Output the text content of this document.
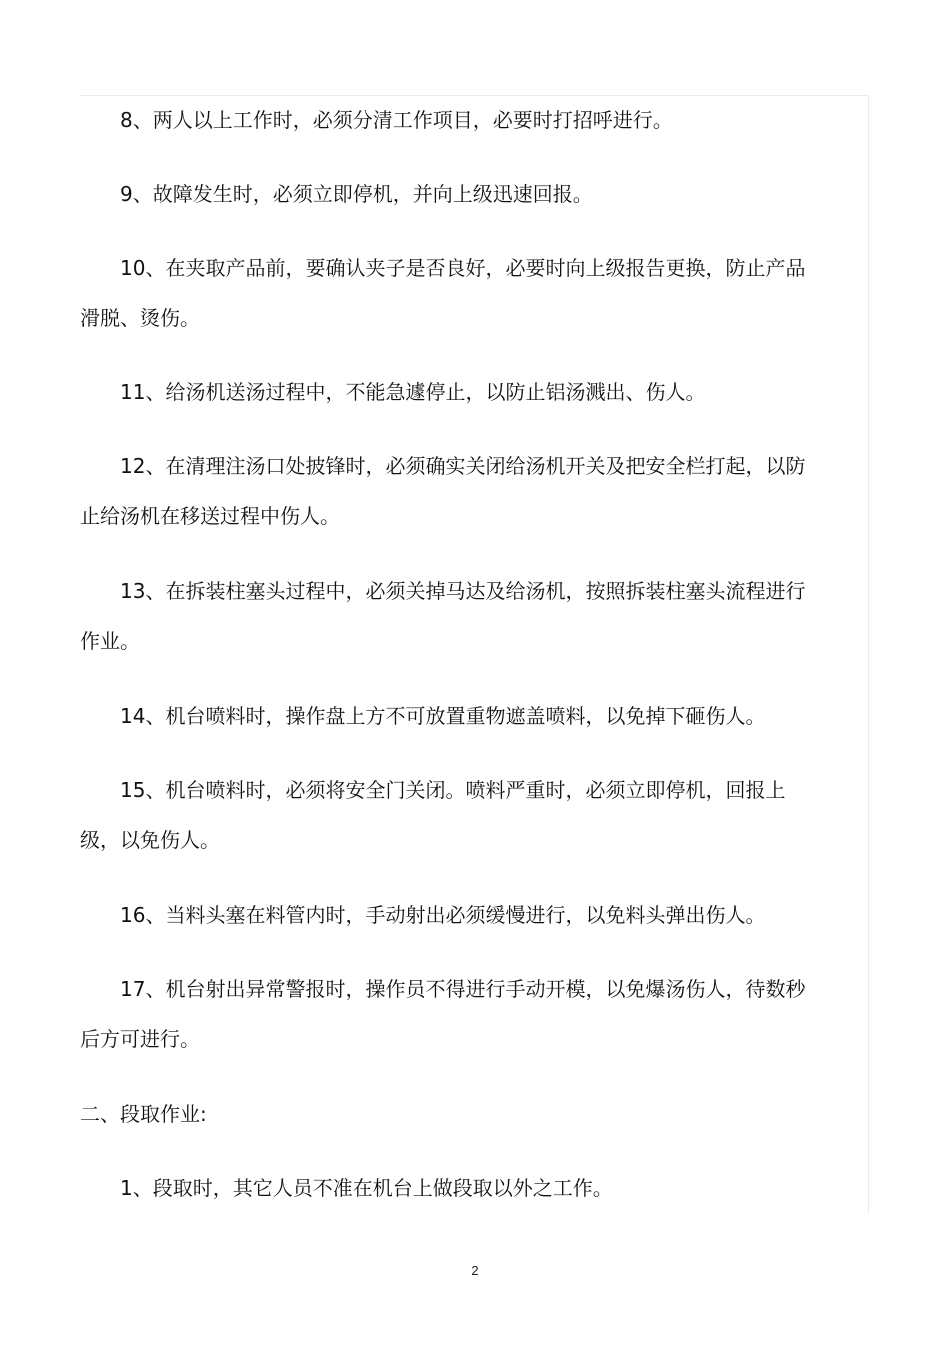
8、两人以上工作时，必须分清工作项目，必要时打招呼进行。

9、故障发生时，必须立即停机，并向上级迅速回报。

10、在夹取产品前，要确认夹子是否良好，必要时向上级报告更换，防止产品滑脱、烫伤。

11、给汤机送汤过程中，不能急遽停止，以防止铝汤溅出、伤人。

12、在清理注汤口处披锋时，必须确实关闭给汤机开关及把安全栏打起，以防止给汤机在移送过程中伤人。

13、在拆装柱塞头过程中，必须关掉马达及给汤机，按照拆装柱塞头流程进行作业。

14、机台喷料时，操作盘上方不可放置重物遮盖喷料，以免掉下砸伤人。

15、机台喷料时，必须将安全门关闭。喷料严重时，必须立即停机，回报上级，以免伤人。

16、当料头塞在料管内时，手动射出必须缓慢进行，以免料头弹出伤人。

17、机台射出异常警报时，操作员不得进行手动开模，以免爆汤伤人，待数秒后方可进行。

二、段取作业:

1、段取时，其它人员不准在机台上做段取以外之工作。

2
